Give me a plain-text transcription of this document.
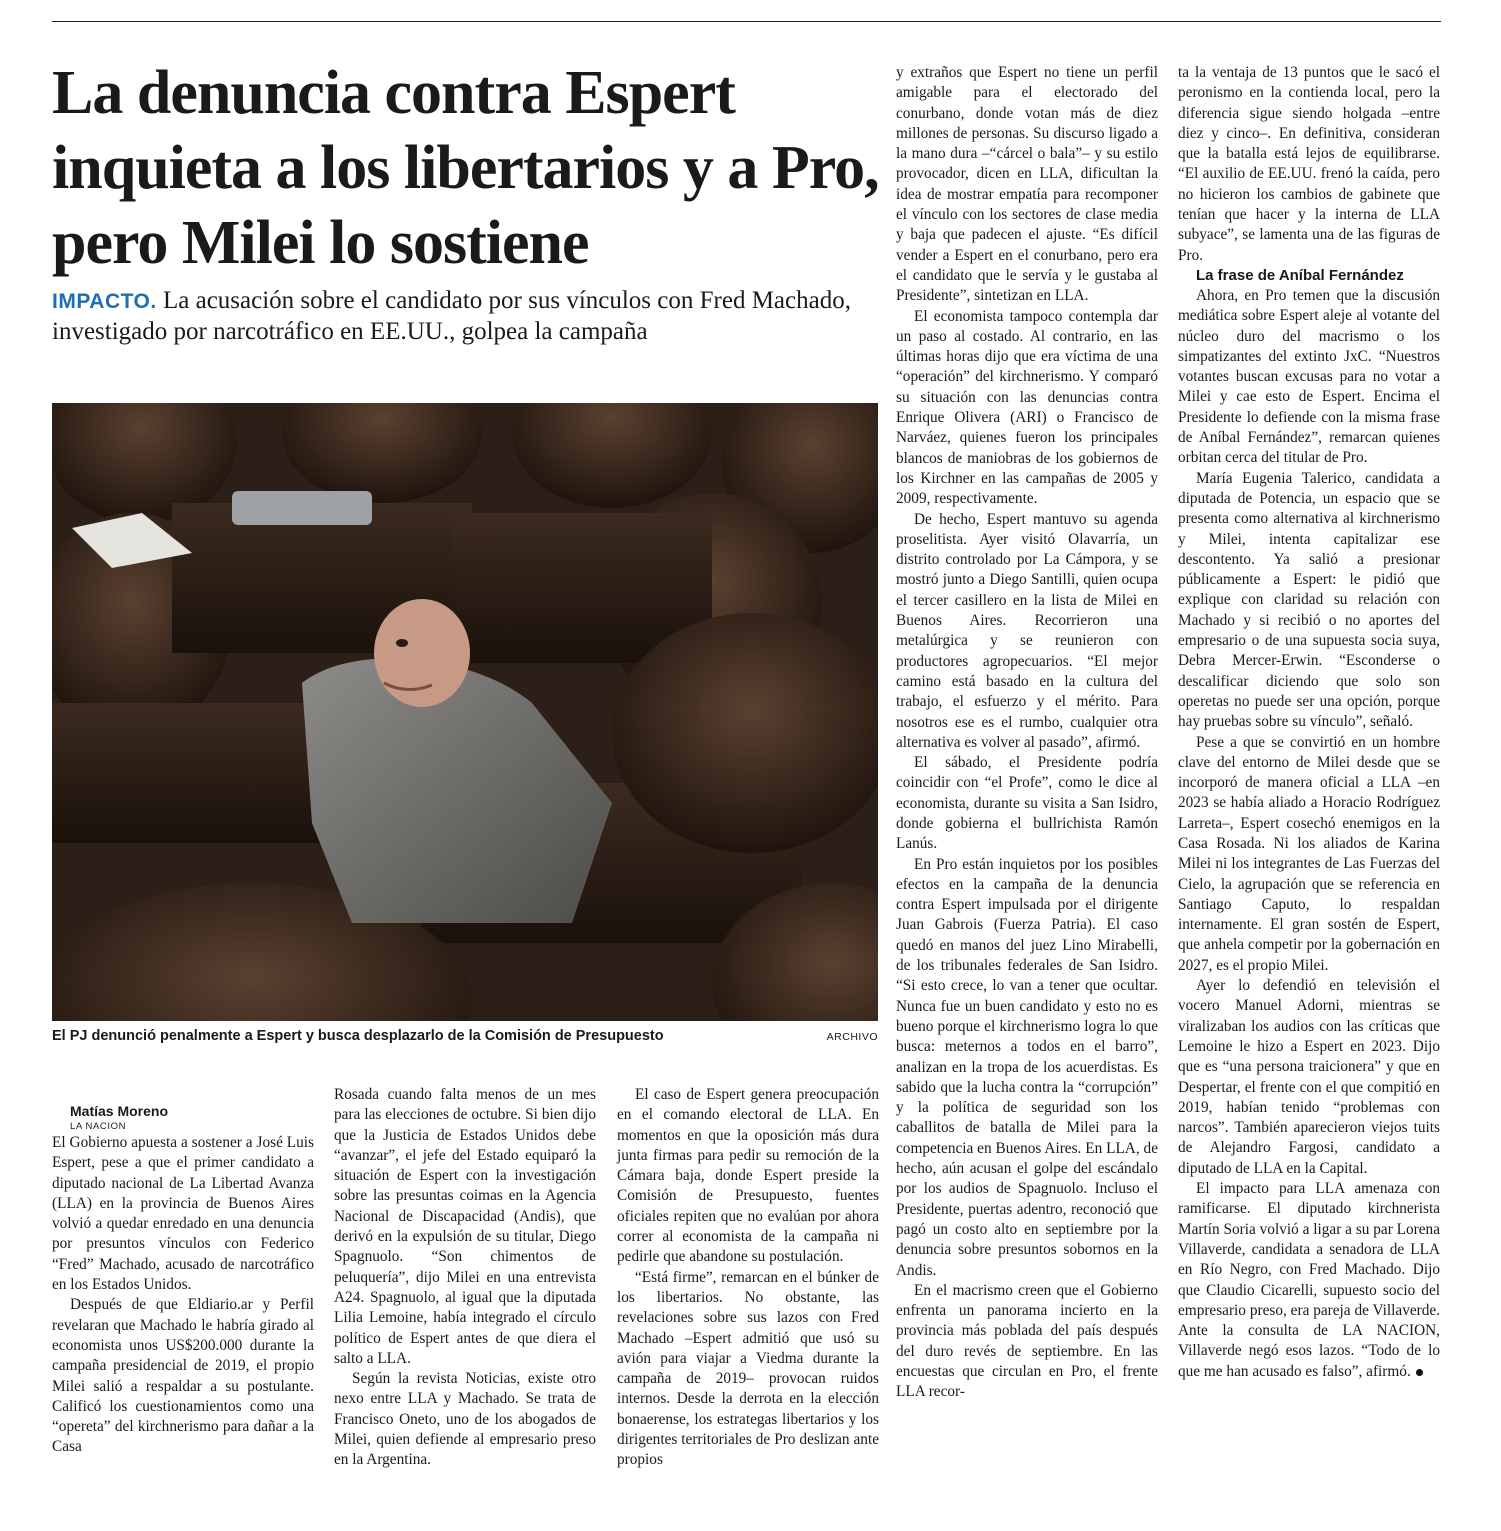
La denuncia contra Espert inquieta a los libertarios y a Pro, pero Milei lo sostiene

IMPACTO. La acusación sobre el candidato por sus vínculos con Fred Machado, investigado por narcotráfico en EE.UU., golpea la campaña

El PJ denunció penalmente a Espert y busca desplazarlo de la Comisión de Presupuesto	ARCHIVO

Matías Moreno

LA NACION

El Gobierno apuesta a sostener a José Luis Espert, pese a que el primer candidato a diputado nacional de La Libertad Avanza (LLA) en la provincia de Buenos Aires volvió a quedar enredado en una denuncia por presuntos vínculos con Federico “Fred” Machado, acusado de narcotráfico en los Estados Unidos.

Después de que Eldiario.ar y Perfil revelaran que Machado le habría girado al economista unos US$200.000 durante la campaña presidencial de 2019, el propio Milei salió a respaldar a su postulante. Calificó los cuestionamientos como una “opereta” del kirchnerismo para dañar a la Casa

Rosada cuando falta menos de un mes para las elecciones de octubre. Si bien dijo que la Justicia de Estados Unidos debe “avanzar”, el jefe del Estado equiparó la situación de Espert con la investigación sobre las presuntas coimas en la Agencia Nacional de Discapacidad (Andis), que derivó en la expulsión de su titular, Diego Spagnuolo. “Son chimentos de peluquería”, dijo Milei en una entrevista A24. Spagnuolo, al igual que la diputada Lilia Lemoine, había integrado el círculo político de Espert antes de que diera el salto a LLA.

Según la revista Noticias, existe otro nexo entre LLA y Machado. Se trata de Francisco Oneto, uno de los abogados de Milei, quien defiende al empresario preso en la Argentina.

El caso de Espert genera preocupación en el comando electoral de LLA. En momentos en que la oposición más dura junta firmas para pedir su remoción de la Cámara baja, donde Espert preside la Comisión de Presupuesto, fuentes oficiales repiten que no evalúan por ahora correr al economista de la campaña ni pedirle que abandone su postulación.

“Está firme”, remarcan en el búnker de los libertarios. No obstante, las revelaciones sobre sus lazos con Fred Machado –Espert admitió que usó su avión para viajar a Viedma durante la campaña de 2019– provocan ruidos internos. Desde la derrota en la elección bonaerense, los estrategas libertarios y los dirigentes territoriales de Pro deslizan ante propios

y extraños que Espert no tiene un perfil amigable para el electorado del conurbano, donde votan más de diez millones de personas. Su discurso ligado a la mano dura –“cárcel o bala”– y su estilo provocador, dicen en LLA, dificultan la idea de mostrar empatía para recomponer el vínculo con los sectores de clase media y baja que padecen el ajuste. “Es difícil vender a Espert en el conurbano, pero era el candidato que le servía y le gustaba al Presidente”, sintetizan en LLA.

El economista tampoco contempla dar un paso al costado. Al contrario, en las últimas horas dijo que era víctima de una “operación” del kirchnerismo. Y comparó su situación con las denuncias contra Enrique Olivera (ARI) o Francisco de Narváez, quienes fueron los principales blancos de maniobras de los gobiernos de los Kirchner en las campañas de 2005 y 2009, respectivamente.

De hecho, Espert mantuvo su agenda proselitista. Ayer visitó Olavarría, un distrito controlado por La Cámpora, y se mostró junto a Diego Santilli, quien ocupa el tercer casillero en la lista de Milei en Buenos Aires. Recorrieron una metalúrgica y se reunieron con productores agropecuarios. “El mejor camino está basado en la cultura del trabajo, el esfuerzo y el mérito. Para nosotros ese es el rumbo, cualquier otra alternativa es volver al pasado”, afirmó.

El sábado, el Presidente podría coincidir con “el Profe”, como le dice al economista, durante su visita a San Isidro, donde gobierna el bullrichista Ramón Lanús.

En Pro están inquietos por los posibles efectos en la campaña de la denuncia contra Espert impulsada por el dirigente Juan Gabrois (Fuerza Patria). El caso quedó en manos del juez Lino Mirabelli, de los tribunales federales de San Isidro. “Si esto crece, lo van a tener que ocultar. Nunca fue un buen candidato y esto no es bueno porque el kirchnerismo logra lo que busca: meternos a todos en el barro”, analizan en la tropa de los acuerdistas. Es sabido que la lucha contra la “corrupción” y la política de seguridad son los caballitos de batalla de Milei para la competencia en Buenos Aires. En LLA, de hecho, aún acusan el golpe del escándalo por los audios de Spagnuolo. Incluso el Presidente, puertas adentro, reconoció que pagó un costo alto en septiembre por la denuncia sobre presuntos sobornos en la Andis.

En el macrismo creen que el Gobierno enfrenta un panorama incierto en la provincia más poblada del país después del duro revés de septiembre. En las encuestas que circulan en Pro, el frente LLA recor-

ta la ventaja de 13 puntos que le sacó el peronismo en la contienda local, pero la diferencia sigue siendo holgada –entre diez y cinco–. En definitiva, consideran que la batalla está lejos de equilibrarse. “El auxilio de EE.UU. frenó la caída, pero no hicieron los cambios de gabinete que tenían que hacer y la interna de LLA subyace”, se lamenta una de las figuras de Pro.

La frase de Aníbal Fernández

Ahora, en Pro temen que la discusión mediática sobre Espert aleje al votante del núcleo duro del macrismo o los simpatizantes del extinto JxC. “Nuestros votantes buscan excusas para no votar a Milei y cae esto de Espert. Encima el Presidente lo defiende con la misma frase de Aníbal Fernández”, remarcan quienes orbitan cerca del titular de Pro.

María Eugenia Talerico, candidata a diputada de Potencia, un espacio que se presenta como alternativa al kirchnerismo y Milei, intenta capitalizar ese descontento. Ya salió a presionar públicamente a Espert: le pidió que explique con claridad su relación con Machado y si recibió o no aportes del empresario o de una supuesta socia suya, Debra Mercer-Erwin. “Esconderse o descalificar diciendo que solo son operetas no puede ser una opción, porque hay pruebas sobre su vínculo”, señaló.

Pese a que se convirtió en un hombre clave del entorno de Milei desde que se incorporó de manera oficial a LLA –en 2023 se había aliado a Horacio Rodríguez Larreta–, Espert cosechó enemigos en la Casa Rosada. Ni los aliados de Karina Milei ni los integrantes de Las Fuerzas del Cielo, la agrupación que se referencia en Santiago Caputo, lo respaldan internamente. El gran sostén de Espert, que anhela competir por la gobernación en 2027, es el propio Milei.

Ayer lo defendió en televisión el vocero Manuel Adorni, mientras se viralizaban los audios con las críticas que Lemoine le hizo a Espert en 2023. Dijo que es “una persona traicionera” y que en Despertar, el frente con el que compitió en 2019, habían tenido “problemas con narcos”. También aparecieron viejos tuits de Alejandro Fargosi, candidato a diputado de LLA en la Capital.

El impacto para LLA amenaza con ramificarse. El diputado kirchnerista Martín Soria volvió a ligar a su par Lorena Villaverde, candidata a senadora de LLA en Río Negro, con Fred Machado. Dijo que Claudio Cicarelli, supuesto socio del empresario preso, era pareja de Villaverde. Ante la consulta de LA NACION, Villaverde negó esos lazos. “Todo de lo que me han acusado es falso”, afirmó.
